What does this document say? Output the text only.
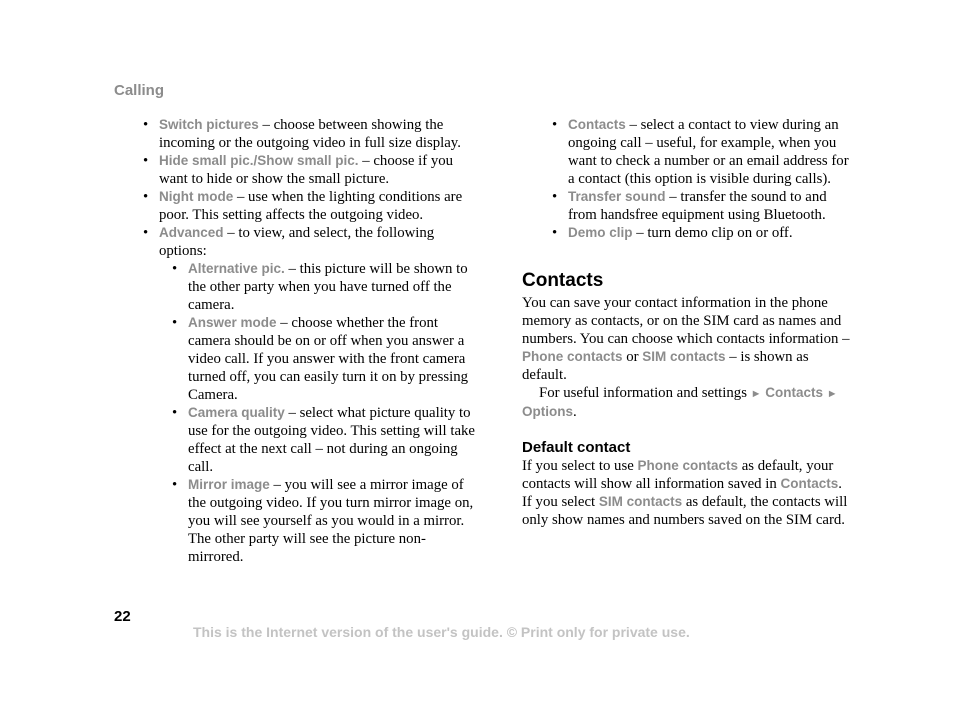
Calling
• Switch pictures – choose between showing the incoming or the outgoing video in full size display.
• Hide small pic./Show small pic. – choose if you want to hide or show the small picture.
• Night mode – use when the lighting conditions are poor. This setting affects the outgoing video.
• Advanced – to view, and select, the following options:
• Alternative pic. – this picture will be shown to the other party when you have turned off the camera.
• Answer mode – choose whether the front camera should be on or off when you answer a video call. If you answer with the front camera turned off, you can easily turn it on by pressing Camera.
• Camera quality – select what picture quality to use for the outgoing video. This setting will take effect at the next call – not during an ongoing call.
• Mirror image – you will see a mirror image of the outgoing video. If you turn mirror image on, you will see yourself as you would in a mirror. The other party will see the picture non-mirrored.
• Contacts – select a contact to view during an ongoing call – useful, for example, when you want to check a number or an email address for a contact (this option is visible during calls).
• Transfer sound – transfer the sound to and from handsfree equipment using Bluetooth.
• Demo clip – turn demo clip on or off.
Contacts

You can save your contact information in the phone memory as contacts, or on the SIM card as names and numbers. You can choose which contacts information – Phone contacts or SIM contacts – is shown as default.

For useful information and settings ► Contacts ► Options.

Default contact

If you select to use Phone contacts as default, your contacts will show all information saved in Contacts. If you select SIM contacts as default, the contacts will only show names and numbers saved on the SIM card.

22
This is the Internet version of the user's guide. © Print only for private use.
